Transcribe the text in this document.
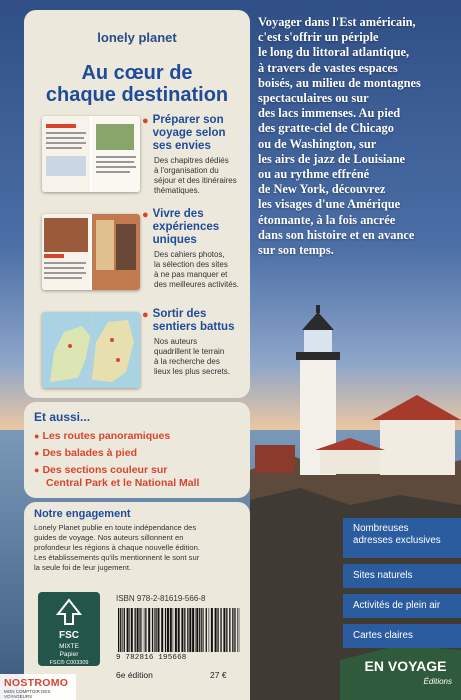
lonely planet
Au cœur de
chaque destination
● Préparer son
voyage selon
ses envies
Des chapitres dédiés
à l'organisation du
séjour et des itinéraires
thématiques.
● Vivre des
expériences
uniques
Des cahiers photos,
la sélection des sites
à ne pas manquer et
des meilleures activités.
● Sortir des
sentiers battus
Nos auteurs
quadrillent le terrain
à la recherche des
lieux les plus secrets.
Et aussi...
● Les routes panoramiques
● Des balades à pied
● Des sections couleur sur
Central Park et le National Mall
Notre engagement
Lonely Planet publie en toute indépendance des
guides de voyage. Nos auteurs sillonnent en
profondeur les régions à chaque nouvelle édition.
Les établissements qu'ils mentionnent le sont sur
la seule foi de leur jugement.
FSC
MIXTE
Papier
FSC® C003309
ISBN 978-2-81619-566-8
9 782816 195668
6e édition	27 €
Voyager dans l'Est américain,
c'est s'offrir un périple
le long du littoral atlantique,
à travers de vastes espaces
boisés, au milieu de montagnes
spectaculaires ou sur
des lacs immenses. Au pied
des gratte-ciel de Chicago
ou de Washington, sur
les airs de jazz de Louisiane
ou au rythme effréné
de New York, découvrez
les visages d'une Amérique
étonnante, à la fois ancrée
dans son histoire et en avance
sur son temps.
Nombreuses
adresses exclusives
Sites naturels
Activités de plein air
Cartes claires
EN VOYAGE
Éditions
NOSTROMO
MON COMPTOIR DES VOYAGEURS
